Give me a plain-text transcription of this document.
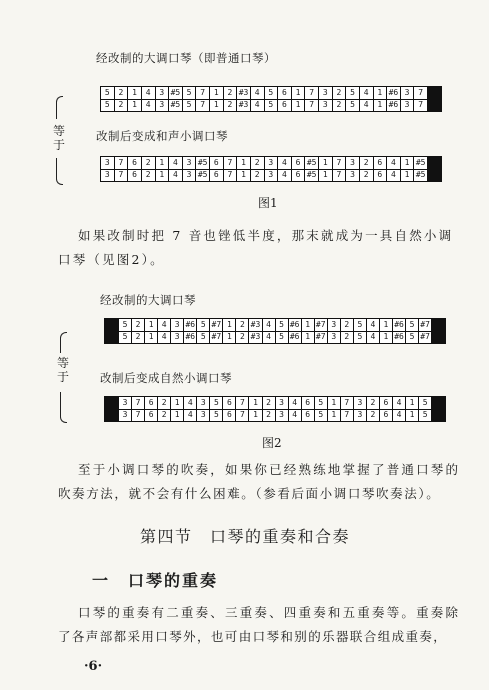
经改制的大调口琴（即普通口琴）
5	2	1	4	3 #5 5	7	1	2 #3 4	5	6	1	7	3	2	5	4	1 #6 3	7
5	2	1	4	3 #5 5	7	1	2 #3 4	5	6	1	7	3	2	5	4	1 #6 3	7
等于
改制后变成和声小调口琴
3	7	6	2	1	4	3 #5 6	7	1	2	3	4	6 #5 1	7	3	2	6	4	1 #5
3	7	6	2	1	4	3 #5 6	7	1	2	3	4	6 #5 1	7	3	2	6	4	1 #5
图1
如果改制时把 7 音也锉低半度，那末就成为一具自然小调
口琴（见图2）。
经改制的大调口琴
5	2	1	4	3 #6 5 #7 1	2 #3 4	5 #6 1 #7 3	2	5	4	1 #6 5 #7
5	2	1	4	3 #6 5 #7 1	2 #3 4	5 #6 1 #7 3	2	5	4	1 #6 5 #7
等于	改制后变成自然小调口琴
3	7	6	2	1	4	3	5	6	7	1	2	3	4	6	5	1	7	3	2	6	4	1	5
3	7	6	2	1	4	3	5	6	7	1	2	3	4	6	5	1	7	3	2	6	4	1	5
图2
至于小调口琴的吹奏，如果你已经熟练地掌握了普通口琴的
吹奏方法，就不会有什么困难。（参看后面小调口琴吹奏法）。
第四节　口琴的重奏和合奏
一　口琴的重奏
口琴的重奏有二重奏、三重奏、四重奏和五重奏等。重奏除
了各声部都采用口琴外，也可由口琴和别的乐器联合组成重奏，
·6·
